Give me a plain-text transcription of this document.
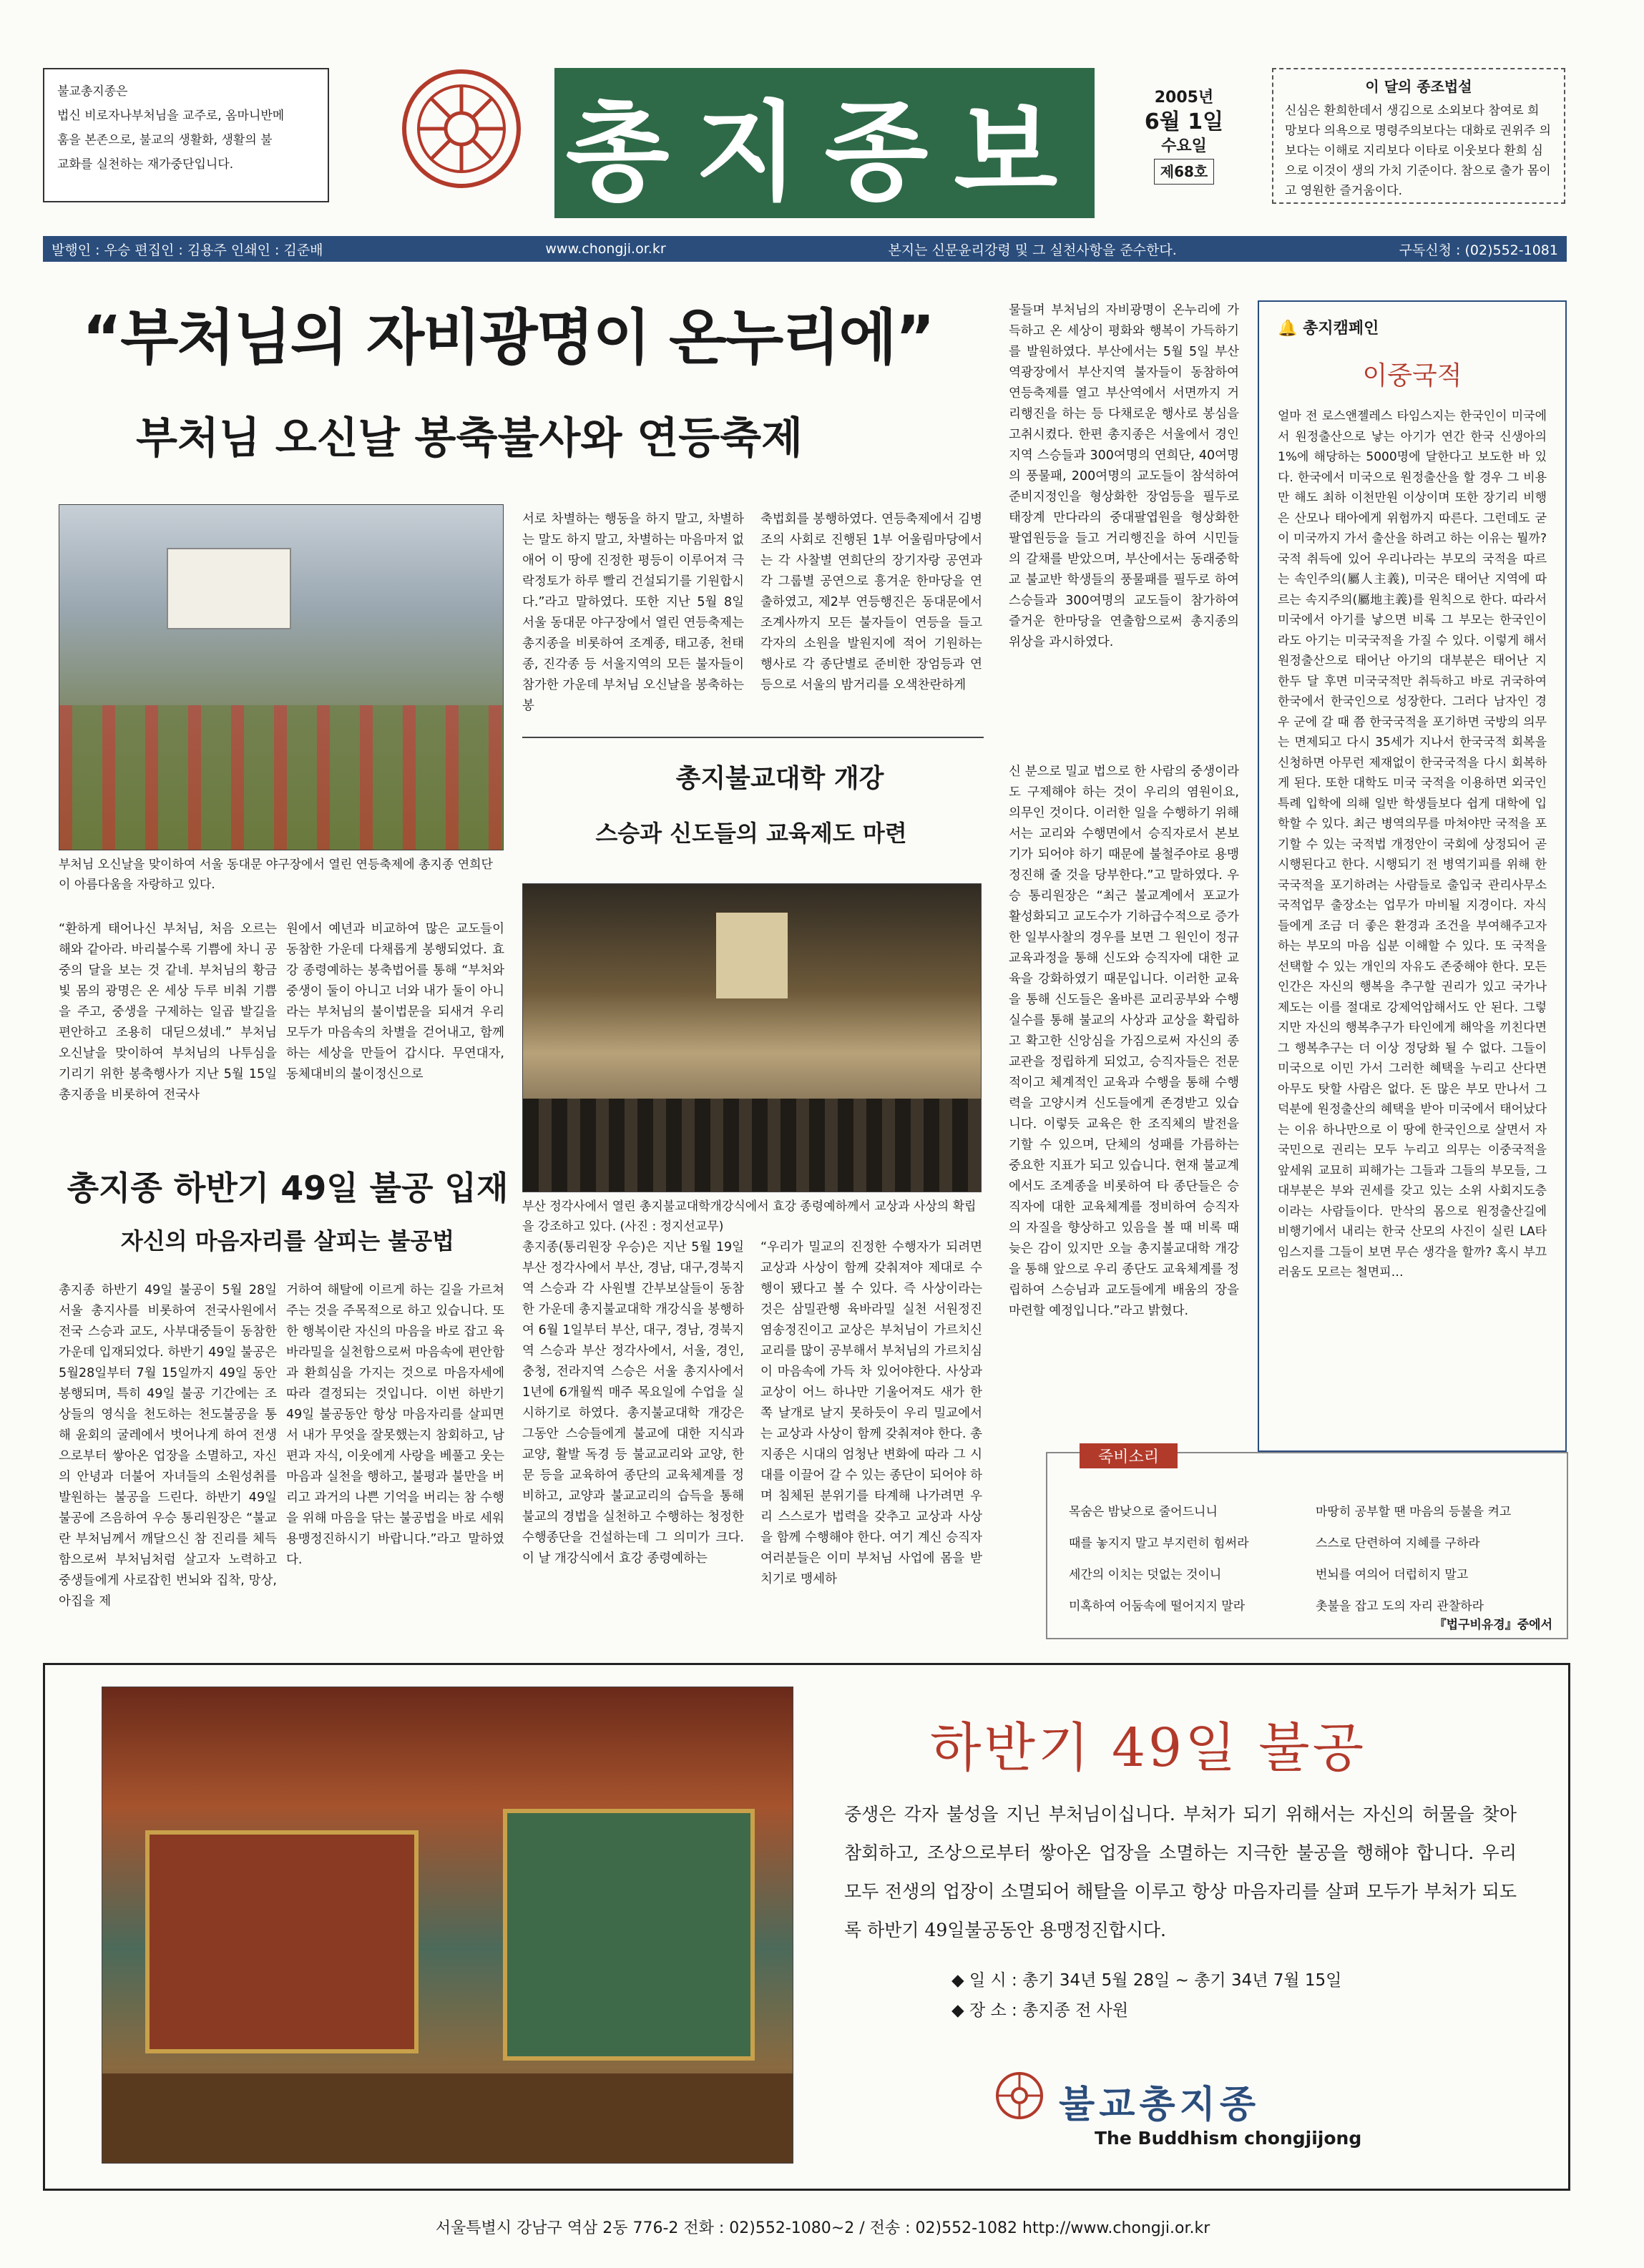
불교총지종은
법신 비로자나부처님을 교주로, 옴마니반메
훔을 본존으로, 불교의 생활화, 생활의 불
교화를 실천하는 재가중단입니다.	총지종보	2005년
6월 1일
수요일
제68호
이 달의 종조법설
신심은 환희한데서 생김으로 소외보다 참여로 희 망보다 의욕으로 명령주의보다는 대화로 권위주 의보다는 이해로 지리보다 이타로 이웃보다 환희 심으로 이것이 생의 가치 기준이다. 참으로 출가 몸이고 영원한 즐거움이다.
발행인 : 우승 편집인 : 김용주 인쇄인 : 김준배	www.chongji.or.kr	본지는 신문윤리강령 및 그 실천사항을 준수한다.	구독신청 : (02)552-1081
“부처님의 자비광명이 온누리에”
부처님 오신날 봉축불사와 연등축제
부처님 오신날을 맞이하여 서울 동대문 야구장에서 열린 연등축제에 총지종 연희단이 아름다움을 자랑하고 있다.
“환하게 태어나신 부처님, 처음 오르는 해와 같아라. 바리불수록 기쁨에 차니 공중의 달을 보는 것 같네. 부처님의 황금빛 몸의 광명은 온 세상 두루 비춰 기쁨을 주고, 중생을 구제하는 일곱 발길을 편안하고 조용히 대딛으셨네.” 부처님 오신날을 맞이하여 부처님의 나투심을 기리기 위한 봉축행사가 지난 5월 15일 총지종을 비롯하여 전국사
원에서 예년과 비교하여 많은 교도들이 동참한 가운데 다채롭게 봉행되었다. 효강 종령예하는 봉축법어를 통해 “부처와 중생이 둘이 아니고 너와 내가 둘이 아니라는 부처님의 불이법문을 되새겨 우리 모두가 마음속의 차별을 걷어내고, 함께 하는 세상을 만들어 갑시다. 무연대자, 동체대비의 불이정신으로
서로 차별하는 행동을 하지 말고, 차별하는 말도 하지 말고, 차별하는 마음마저 없애어 이 땅에 진정한 평등이 이루어져 극락정토가 하루 빨리 건설되기를 기원합시다.”라고 말하였다. 또한 지난 5월 8일 서울 동대문 야구장에서 열린 연등축제는 총지종을 비롯하여 조계종, 태고종, 천태종, 진각종 등 서울지역의 모든 불자들이 참가한 가운데 부처님 오신날을 봉축하는 봉
축법회를 봉행하였다. 연등축제에서 김병조의 사회로 진행된 1부 어울림마당에서는 각 사찰별 연희단의 장기자랑 공연과 각 그룹별 공연으로 흥겨운 한마당을 연출하였고, 제2부 연등행진은 동대문에서 조계사까지 모든 불자들이 연등을 들고 각자의 소원을 발원지에 적어 기원하는 행사로 각 종단별로 준비한 장엄등과 연등으로 서울의 밤거리를 오색찬란하게
물들며 부처님의 자비광명이 온누리에 가득하고 온 세상이 평화와 행복이 가득하기를 발원하였다. 부산에서는 5월 5일 부산역광장에서 부산지역 불자들이 동참하여 연등축제를 열고 부산역에서 서면까지 거리행진을 하는 등 다채로운 행사로 봉심을 고취시켰다. 한편 총지종은 서울에서 경인지역 스승들과 300여명의 연희단, 40여명의 풍물패, 200여명의 교도들이 참석하여 준비지정인을 형상화한 장엄등을 필두로 태장계 만다라의 중대팔엽원을 형상화한 팔엽원등을 들고 거리행진을 하여 시민들의 갈채를 받았으며, 부산에서는 동래중학교 불교반 학생들의 풍물패를 필두로 하여 스승들과 300여명의 교도들이 참가하여 즐거운 한마당을 연출함으로써 총지종의 위상을 과시하였다.
총지불교대학 개강
스승과 신도들의 교육제도 마련
부산 정각사에서 열린 총지불교대학개강식에서 효강 종령예하께서 교상과 사상의 확립을 강조하고 있다. (사진 : 정지선교무)
총지종(통리원장 우승)은 지난 5월 19일 부산 정각사에서 부산, 경남, 대구,경북지역 스승과 각 사원별 간부보살들이 동참한 가운데 총지불교대학 개강식을 봉행하여 6월 1일부터 부산, 대구, 경남, 경북지역 스승과 부산 정각사에서, 서울, 경인, 충청, 전라지역 스승은 서울 총지사에서 1년에 6개월씩 매주 목요일에 수업을 실시하기로 하였다. 총지불교대학 개강은 그동안 스승들에게 불교에 대한 지식과 교양, 활발 독경 등 불교교리와 교양, 한문 등을 교육하여 종단의 교육체계를 정비하고, 교양과 불교교리의 습득을 통해 불교의 경법을 실천하고 수행하는 청정한 수행종단을 건설하는데 그 의미가 크다. 이 날 개강식에서 효강 종령예하는
“우리가 밀교의 진정한 수행자가 되려면 교상과 사상이 함께 갖춰져야 제대로 수행이 됐다고 볼 수 있다. 즉 사상이라는 것은 삼밀관행 육바라밀 실천 서원정진 염송정진이고 교상은 부처님이 가르치신 교리를 많이 공부해서 부처님의 가르치심이 마음속에 가득 차 있어야한다. 사상과 교상이 어느 하나만 기울어져도 새가 한쪽 날개로 날지 못하듯이 우리 밀교에서는 교상과 사상이 함께 갖춰져야 한다. 총지종은 시대의 엄청난 변화에 따라 그 시대를 이끌어 갈 수 있는 종단이 되어야 하며 침체된 분위기를 타계해 나가려면 우리 스스로가 법력을 갖추고 교상과 사상을 함께 수행해야 한다. 여기 계신 승직자 여러분들은 이미 부처님 사업에 몸을 받치기로 맹세하
신 분으로 밀교 법으로 한 사람의 중생이라도 구제해야 하는 것이 우리의 염원이요, 의무인 것이다. 이러한 일을 수행하기 위해서는 교리와 수행면에서 승직자로서 본보기가 되어야 하기 때문에 불철주야로 용맹정진해 줄 것을 당부한다.”고 말하였다. 우승 통리원장은 “최근 불교계에서 포교가 활성화되고 교도수가 기하급수적으로 증가한 일부사찰의 경우를 보면 그 원인이 정규교육과정을 통해 신도와 승직자에 대한 교육을 강화하였기 때문입니다. 이러한 교육을 통해 신도들은 올바른 교리공부와 수행실수를 통해 불교의 사상과 교상을 확립하고 확고한 신앙심을 가짐으로써 자신의 종교관을 정립하게 되었고, 승직자들은 전문적이고 체계적인 교육과 수행을 통해 수행력을 고양시켜 신도들에게 존경받고 있습니다. 이렇듯 교육은 한 조직체의 발전을 기할 수 있으며, 단체의 성패를 가름하는 중요한 지표가 되고 있습니다. 현재 불교계에서도 조계종을 비롯하여 타 종단들은 승직자에 대한 교육체계를 정비하여 승직자의 자질을 향상하고 있음을 볼 때 비록 때늦은 감이 있지만 오늘 총지불교대학 개강을 통해 앞으로 우리 종단도 교육체계를 정립하여 스승님과 교도들에게 배움의 장을 마련할 예정입니다.”라고 밝혔다.
총지종 하반기 49일 불공 입재
자신의 마음자리를 살피는 불공법
총지종 하반기 49일 불공이 5월 28일 서울 총지사를 비롯하여 전국사원에서 전국 스승과 교도, 사부대중들이 동참한 가운데 입재되었다. 하반기 49일 불공은 5월28일부터 7월 15일까지 49일 동안 봉행되며, 특히 49일 불공 기간에는 조상들의 영식을 천도하는 천도불공을 통해 윤회의 굴레에서 벗어나게 하여 전생으로부터 쌓아온 업장을 소멸하고, 자신의 안녕과 더불어 자녀들의 소원성취를 발원하는 불공을 드린다. 하반기 49일 불공에 즈음하여 우승 통리원장은 “불교란 부처님께서 깨달으신 참 진리를 체득함으로써 부처님처럼 살고자 노력하고 중생들에게 사로잡힌 번뇌와 집착, 망상, 아집을 제
거하여 해탈에 이르게 하는 길을 가르쳐 주는 것을 주목적으로 하고 있습니다. 또한 행복이란 자신의 마음을 바로 잡고 육바라밀을 실천함으로써 마음속에 편안함과 환희심을 가지는 것으로 마음자세에 따라 결정되는 것입니다. 이번 하반기 49일 불공동안 항상 마음자리를 살피면서 내가 무엇을 잘못했는지 참회하고, 남편과 자식, 이웃에게 사랑을 베풀고 웃는 마음과 실천을 행하고, 불평과 불만을 버리고 과거의 나쁜 기억을 버리는 참 수행을 위해 마음을 닦는 불공법을 바로 세워 용맹정진하시기 바랍니다.”라고 말하였다.
🔔 총지캠페인
이중국적
얼마 전 로스앤젤레스 타임스지는 한국인이 미국에서 원정출산으로 낳는 아기가 연간 한국 신생아의 1%에 해당하는 5000명에 달한다고 보도한 바 있다. 한국에서 미국으로 원정출산을 할 경우 그 비용만 해도 최하 이천만원 이상이며 또한 장기리 비행은 산모나 태아에게 위험까지 따른다. 그런데도 굳이 미국까지 가서 출산을 하려고 하는 이유는 뭘까? 국적 취득에 있어 우리나라는 부모의 국적을 따르는 속인주의(屬人主義), 미국은 태어난 지역에 따르는 속지주의(屬地主義)를 원칙으로 한다. 따라서 미국에서 아기를 낳으면 비록 그 부모는 한국인이라도 아기는 미국국적을 가질 수 있다. 이렇게 해서 원정출산으로 태어난 아기의 대부분은 태어난 지 한두 달 후면 미국국적만 취득하고 바로 귀국하여 한국에서 한국인으로 성장한다. 그러다 남자인 경우 군에 갈 때 쯤 한국국적을 포기하면 국방의 의무는 면제되고 다시 35세가 지나서 한국국적 회복을 신청하면 아무런 제재없이 한국국적을 다시 회복하게 된다. 또한 대학도 미국 국적을 이용하면 외국인 특례 입학에 의해 일반 학생들보다 쉽게 대학에 입학할 수 있다. 최근 병역의무를 마쳐야만 국적을 포기할 수 있는 국적법 개정안이 국회에 상정되어 곧 시행된다고 한다. 시행되기 전 병역기피를 위해 한국국적을 포기하려는 사람들로 출입국 관리사무소 국적업무 출장소는 업무가 마비될 지경이다. 자식들에게 조금 더 좋은 환경과 조건을 부여해주고자 하는 부모의 마음 십분 이해할 수 있다. 또 국적을 선택할 수 있는 개인의 자유도 존중해야 한다. 모든 인간은 자신의 행복을 추구할 권리가 있고 국가나 제도는 이를 절대로 강제억압해서도 안 된다. 그렇지만 자신의 행복추구가 타인에게 해악을 끼친다면 그 행복추구는 더 이상 정당화 될 수 없다. 그들이 미국으로 이민 가서 그러한 혜택을 누리고 산다면 아무도 탓할 사람은 없다. 돈 많은 부모 만나서 그 덕분에 원정출산의 혜택을 받아 미국에서 태어났다는 이유 하나만으로 이 땅에 한국인으로 살면서 자국민으로 권리는 모두 누리고 의무는 이중국적을 앞세워 교묘히 피해가는 그들과 그들의 부모들, 그 대부분은 부와 권세를 갖고 있는 소위 사회지도층이라는 사람들이다. 만삭의 몸으로 원정출산길에 비행기에서 내리는 한국 산모의 사진이 실린 LA타임스지를 그들이 보면 무슨 생각을 할까? 혹시 부끄러움도 모르는 철면피…
죽비소리
목숨은 밤낮으로 줄어드니니
때를 놓지지 말고 부지런히 힘써라
세간의 이치는 덧없는 것이니
미혹하여 어둠속에 떨어지지 말라
마땅히 공부할 땐 마음의 등불을 켜고
스스로 단련하여 지혜를 구하라
번뇌를 여의어 더럽히지 말고
촛불을 잡고 도의 자리 관찰하라
『법구비유경』중에서
하반기 49일 불공
중생은 각자 불성을 지닌 부처님이십니다. 부처가 되기 위해서는 자신의 허물을 찾아 참회하고, 조상으로부터 쌓아온 업장을 소멸하는 지극한 불공을 행해야 합니다. 우리 모두 전생의 업장이 소멸되어 해탈을 이루고 항상 마음자리를 살펴 모두가 부처가 되도록 하반기 49일불공동안 용맹정진합시다.
◆ 일 시 : 총기 34년 5월 28일 ~ 총기 34년 7월 15일
◆ 장 소 : 총지종 전 사원
불교총지종
The Buddhism chongjijong
서울특별시 강남구 역삼 2동 776-2 전화 : 02)552-1080~2 / 전송 : 02)552-1082 http://www.chongji.or.kr
